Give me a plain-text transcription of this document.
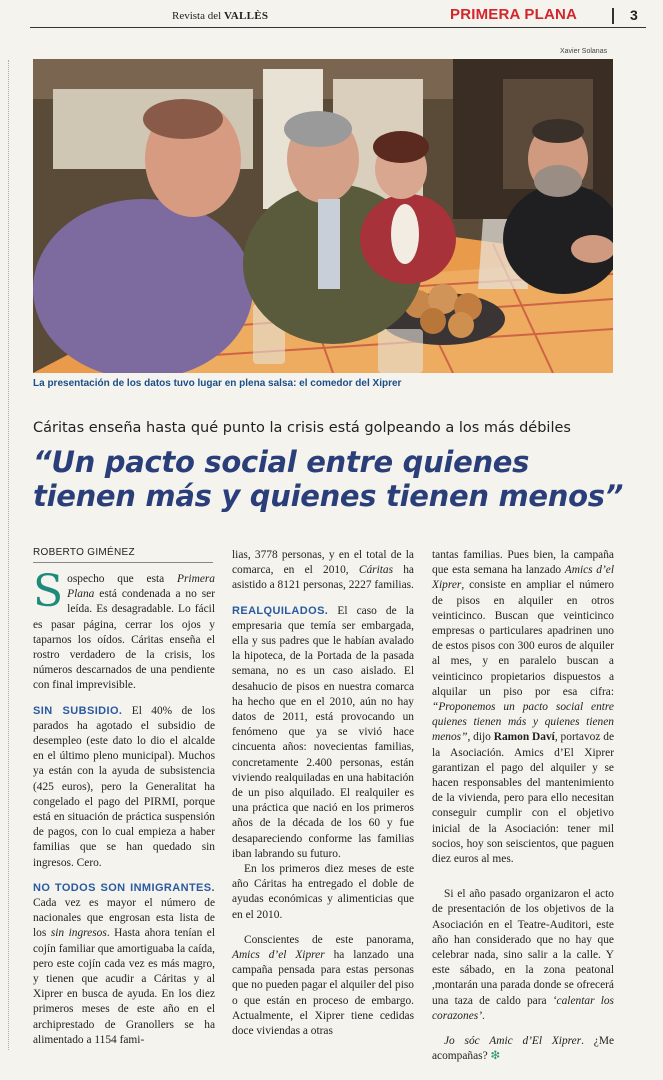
Revista del VALLÈS	PRIMERA PLANA	3
Xavier Solanas
La presentación de los datos tuvo lugar en plena salsa: el comedor del Xiprer
Cáritas enseña hasta qué punto la crisis está golpeando a los más débiles
“Un pacto social entre quienes
tienen más y quienes tienen menos”
ROBERTO GIMÉNEZ

Sospecho que esta Primera Plana está condenada a no ser leída. Es desagradable. Lo fácil es pasar página, cerrar los ojos y taparnos los oídos. Cáritas enseña el rostro verdadero de la crisis, los números descarnados de una pendiente con final imprevisible.

SIN SUBSIDIO. El 40% de los parados ha agotado el subsidio de desempleo (este dato lo dio el alcalde en el último pleno municipal). Muchos ya están con la ayuda de subsistencia (425 euros), pero la Generalitat ha congelado el pago del PIRMI, porque está en situación de práctica suspensión de pagos, con lo cual empieza a haber familias que se han quedado sin ingresos. Cero.

NO TODOS SON INMIGRANTES. Cada vez es mayor el número de nacionales que engrosan esta lista de los sin ingresos. Hasta ahora tenían el cojín familiar que amortiguaba la caída, pero este cojín cada vez es más magro, y tienen que acudir a Cáritas y al Xiprer en busca de ayuda. En los diez primeros meses de este año en el archiprestado de Granollers se ha alimentado a 1154 fami-

lias, 3778 personas, y en el total de la comarca, en el 2010, Cáritas ha asistido a 8121 personas, 2227 familias.

REALQUILADOS. El caso de la empresaria que temía ser embargada, ella y sus padres que le habían avalado la hipoteca, de la Portada de la pasada semana, no es un caso aislado. El desahucio de pisos en nuestra comarca ha hecho que en el 2010, aún no hay datos de 2011, está provocando un fenómeno que ya se vivió hace cincuenta años: novecientas familias, concretamente 2.400 personas, están viviendo realquiladas en una habitación de un piso alquilado. El realquiler es una práctica que nació en los primeros años de la década de los 60 y fue desapareciendo conforme las familias iban labrando su futuro.

En los primeros diez meses de este año Cáritas ha entregado el doble de ayudas económicas y alimenticias que en el 2010.

Conscientes de este panorama, Amics d’el Xiprer ha lanzado una campaña pensada para estas personas que no pueden pagar el alquiler del piso o que están en proceso de embargo. Actualmente, el Xiprer tiene cedidas doce viviendas a otras

tantas familias. Pues bien, la campaña que esta semana ha lanzado Amics d’el Xiprer, consiste en ampliar el número de pisos en alquiler en otros veinticinco. Buscan que veinticinco empresas o particulares apadrinen uno de estos pisos con 300 euros de alquiler al mes, y en paralelo buscan a veinticinco propietarios dispuestos a alquilar un piso por esa cifra: “Proponemos un pacto social entre quienes tienen más y quienes tienen menos”, dijo Ramon Daví, portavoz de la Asociación. Amics d’El Xiprer garantizan el pago del alquiler y se hacen responsables del mantenimiento de la vivienda, pero para ello necesitan conseguir cumplir con el objetivo inicial de la Asociación: tener mil socios, hoy son seiscientos, que paguen diez euros al mes.

Si el año pasado organizaron el acto de presentación de los objetivos de la Asociación en el Teatre-Auditori, este año han considerado que no hay que celebrar nada, sino salir a la calle. Y este sábado, en la zona peatonal ,montarán una parada donde se ofrecerá una taza de caldo para ‘calentar los corazones’.

Jo sóc Amic d’El Xiprer. ¿Me acompañas? ❇
